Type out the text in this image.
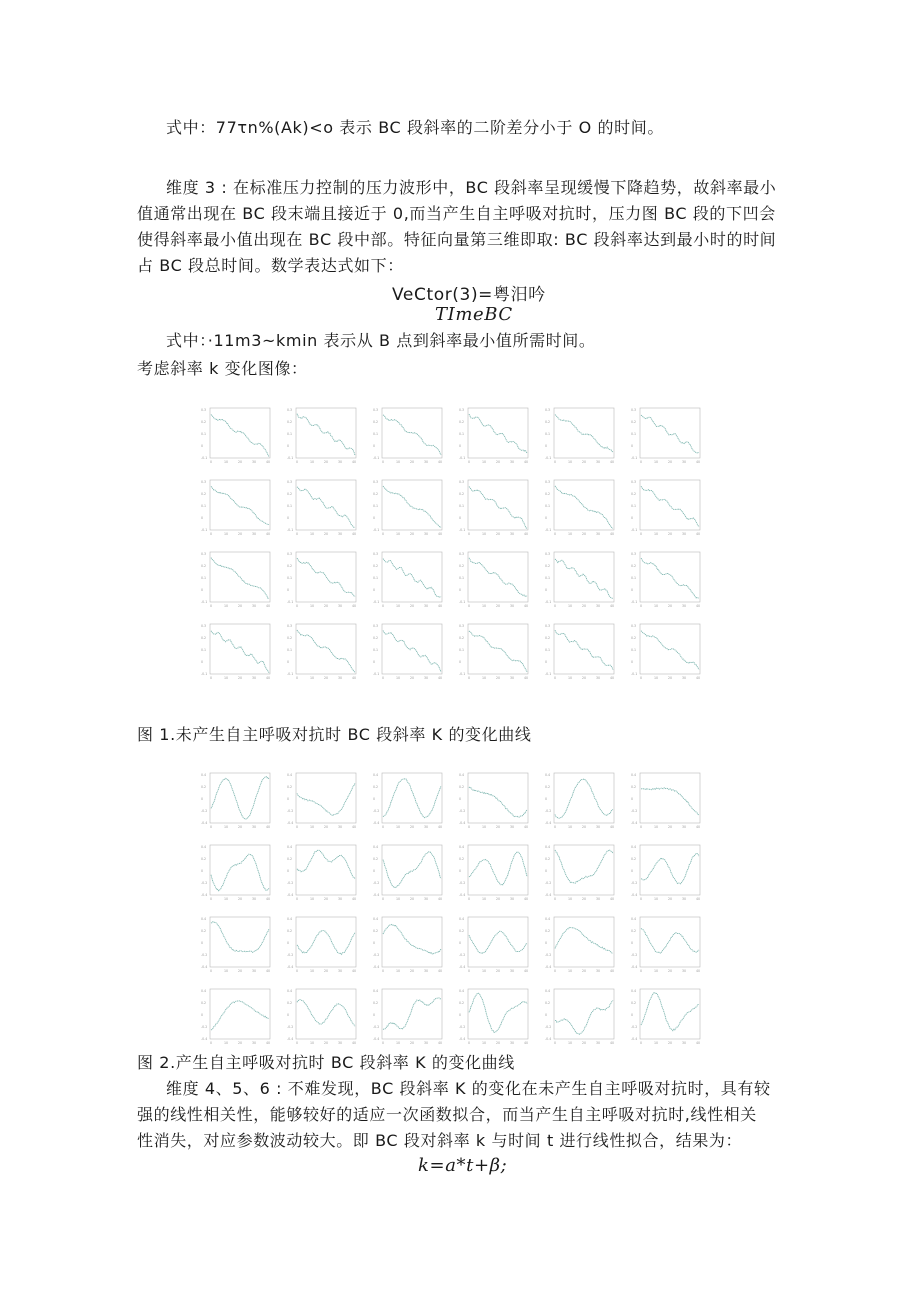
式中：77τn%(Ak)<o 表示 BC 段斜率的二阶差分小于 O 的时间。
维度 3 : 在标准压力控制的压力波形中，BC 段斜率呈现缓慢下降趋势，故斜率最小
值通常出现在 BC 段末端且接近于 0,而当产生自主呼吸对抗时，压力图 BC 段的下凹会
使得斜率最小值出现在 BC 段中部。特征向量第三维即取: BC 段斜率达到最小时的时间
占 BC 段总时间。数学表达式如下：
VeCtor(3)=粤汨吟
TImeBC
式中：·11m3~kmin 表示从 B 点到斜率最小值所需时间。
考虑斜率 k 变化图像：
0.3
0.2
0.1
0
-0.1
0	10	20	30	40
0.3
0.2
0.1
0
-0.1
0	10	20	30	40
0.3
0.2
0.1
0
-0.1
0	10	20	30	40
0.3
0.2
0.1
0
-0.1
0	10	20	30	40
0.3
0.2
0.1
0
-0.1
0	10	20	30	40
0.3
0.2
0.1
0
-0.1
0	10	20	30	40
0.3
0.2
0.1
0
-0.1
0	10	20	30	40
0.3
0.2
0.1
0
-0.1
0	10	20	30	40
0.3
0.2
0.1
0
-0.1
0	10	20	30	40
0.3
0.2
0.1
0
-0.1
0	10	20	30	40
0.3
0.2
0.1
0
-0.1
0	10	20	30	40
0.3
0.2
0.1
0
-0.1
0	10	20	30	40
0.3
0.2
0.1
0
-0.1
0	10	20	30	40
0.3
0.2
0.1
0
-0.1
0	10	20	30	40
0.3
0.2
0.1
0
-0.1
0	10	20	30	40
0.3
0.2
0.1
0
-0.1
0	10	20	30	40
0.3
0.2
0.1
0
-0.1
0	10	20	30	40
0.3
0.2
0.1
0
-0.1
0	10	20	30	40
0.3
0.2
0.1
0
-0.1
0	10	20	30	40
0.3
0.2
0.1
0
-0.1
0	10	20	30	40
0.3
0.2
0.1
0
-0.1
0	10	20	30	40
0.3
0.2
0.1
0
-0.1
0	10	20	30	40
0.3
0.2
0.1
0
-0.1
0	10	20	30	40
0.3
0.2
0.1
0
-0.1
0	10	20	30	40
图 1.未产生自主呼吸对抗时 BC 段斜率 K 的变化曲线
0.4
0.2
0
-0.2
-0.4
0	10	20	30	40
0.4
0.2
0
-0.2
-0.4
0	10	20	30	40
0.4
0.2
0
-0.2
-0.4
0	10	20	30	40
0.4
0.2
0
-0.2
-0.4
0	10	20	30	40
0.4
0.2
0
-0.2
-0.4
0	10	20	30	40
0.4
0.2
0
-0.2
-0.4
0	10	20	30	40
0.4
0.2
0
-0.2
-0.4
0	10	20	30	40
0.4
0.2
0
-0.2
-0.4
0	10	20	30	40
0.4
0.2
0
-0.2
-0.4
0	10	20	30	40
0.4
0.2
0
-0.2
-0.4
0	10	20	30	40
0.4
0.2
0
-0.2
-0.4
0	10	20	30	40
0.4
0.2
0
-0.2
-0.4
0	10	20	30	40
0.4
0.2
0
-0.2
-0.4
0	10	20	30	40
0.4
0.2
0
-0.2
-0.4
0	10	20	30	40
0.4
0.2
0
-0.2
-0.4
0	10	20	30	40
0.4
0.2
0
-0.2
-0.4
0	10	20	30	40
0.4
0.2
0
-0.2
-0.4
0	10	20	30	40
0.4
0.2
0
-0.2
-0.4
0	10	20	30	40
0.4
0.2
0
-0.2
-0.4
0	10	20	30	40
0.4
0.2
0
-0.2
-0.4
0	10	20	30	40
0.4
0.2
0
-0.2
-0.4
0	10	20	30	40
0.4
0.2
0
-0.2
-0.4
0	10	20	30	40
0.4
0.2
0
-0.2
-0.4
0	10	20	30	40
0.4
0.2
0
-0.2
-0.4
0	10	20	30	40
图 2.产生自主呼吸对抗时 BC 段斜率 K 的变化曲线
维度 4、5、6 : 不难发现，BC 段斜率 K 的变化在未产生自主呼吸对抗时，具有较
强的线性相关性，能够较好的适应一次函数拟合，而当产生自主呼吸对抗时,线性相关
性消失，对应参数波动较大。即 BC 段对斜率 k 与时间 t 进行线性拟合，结果为：
k=a*t+β;
